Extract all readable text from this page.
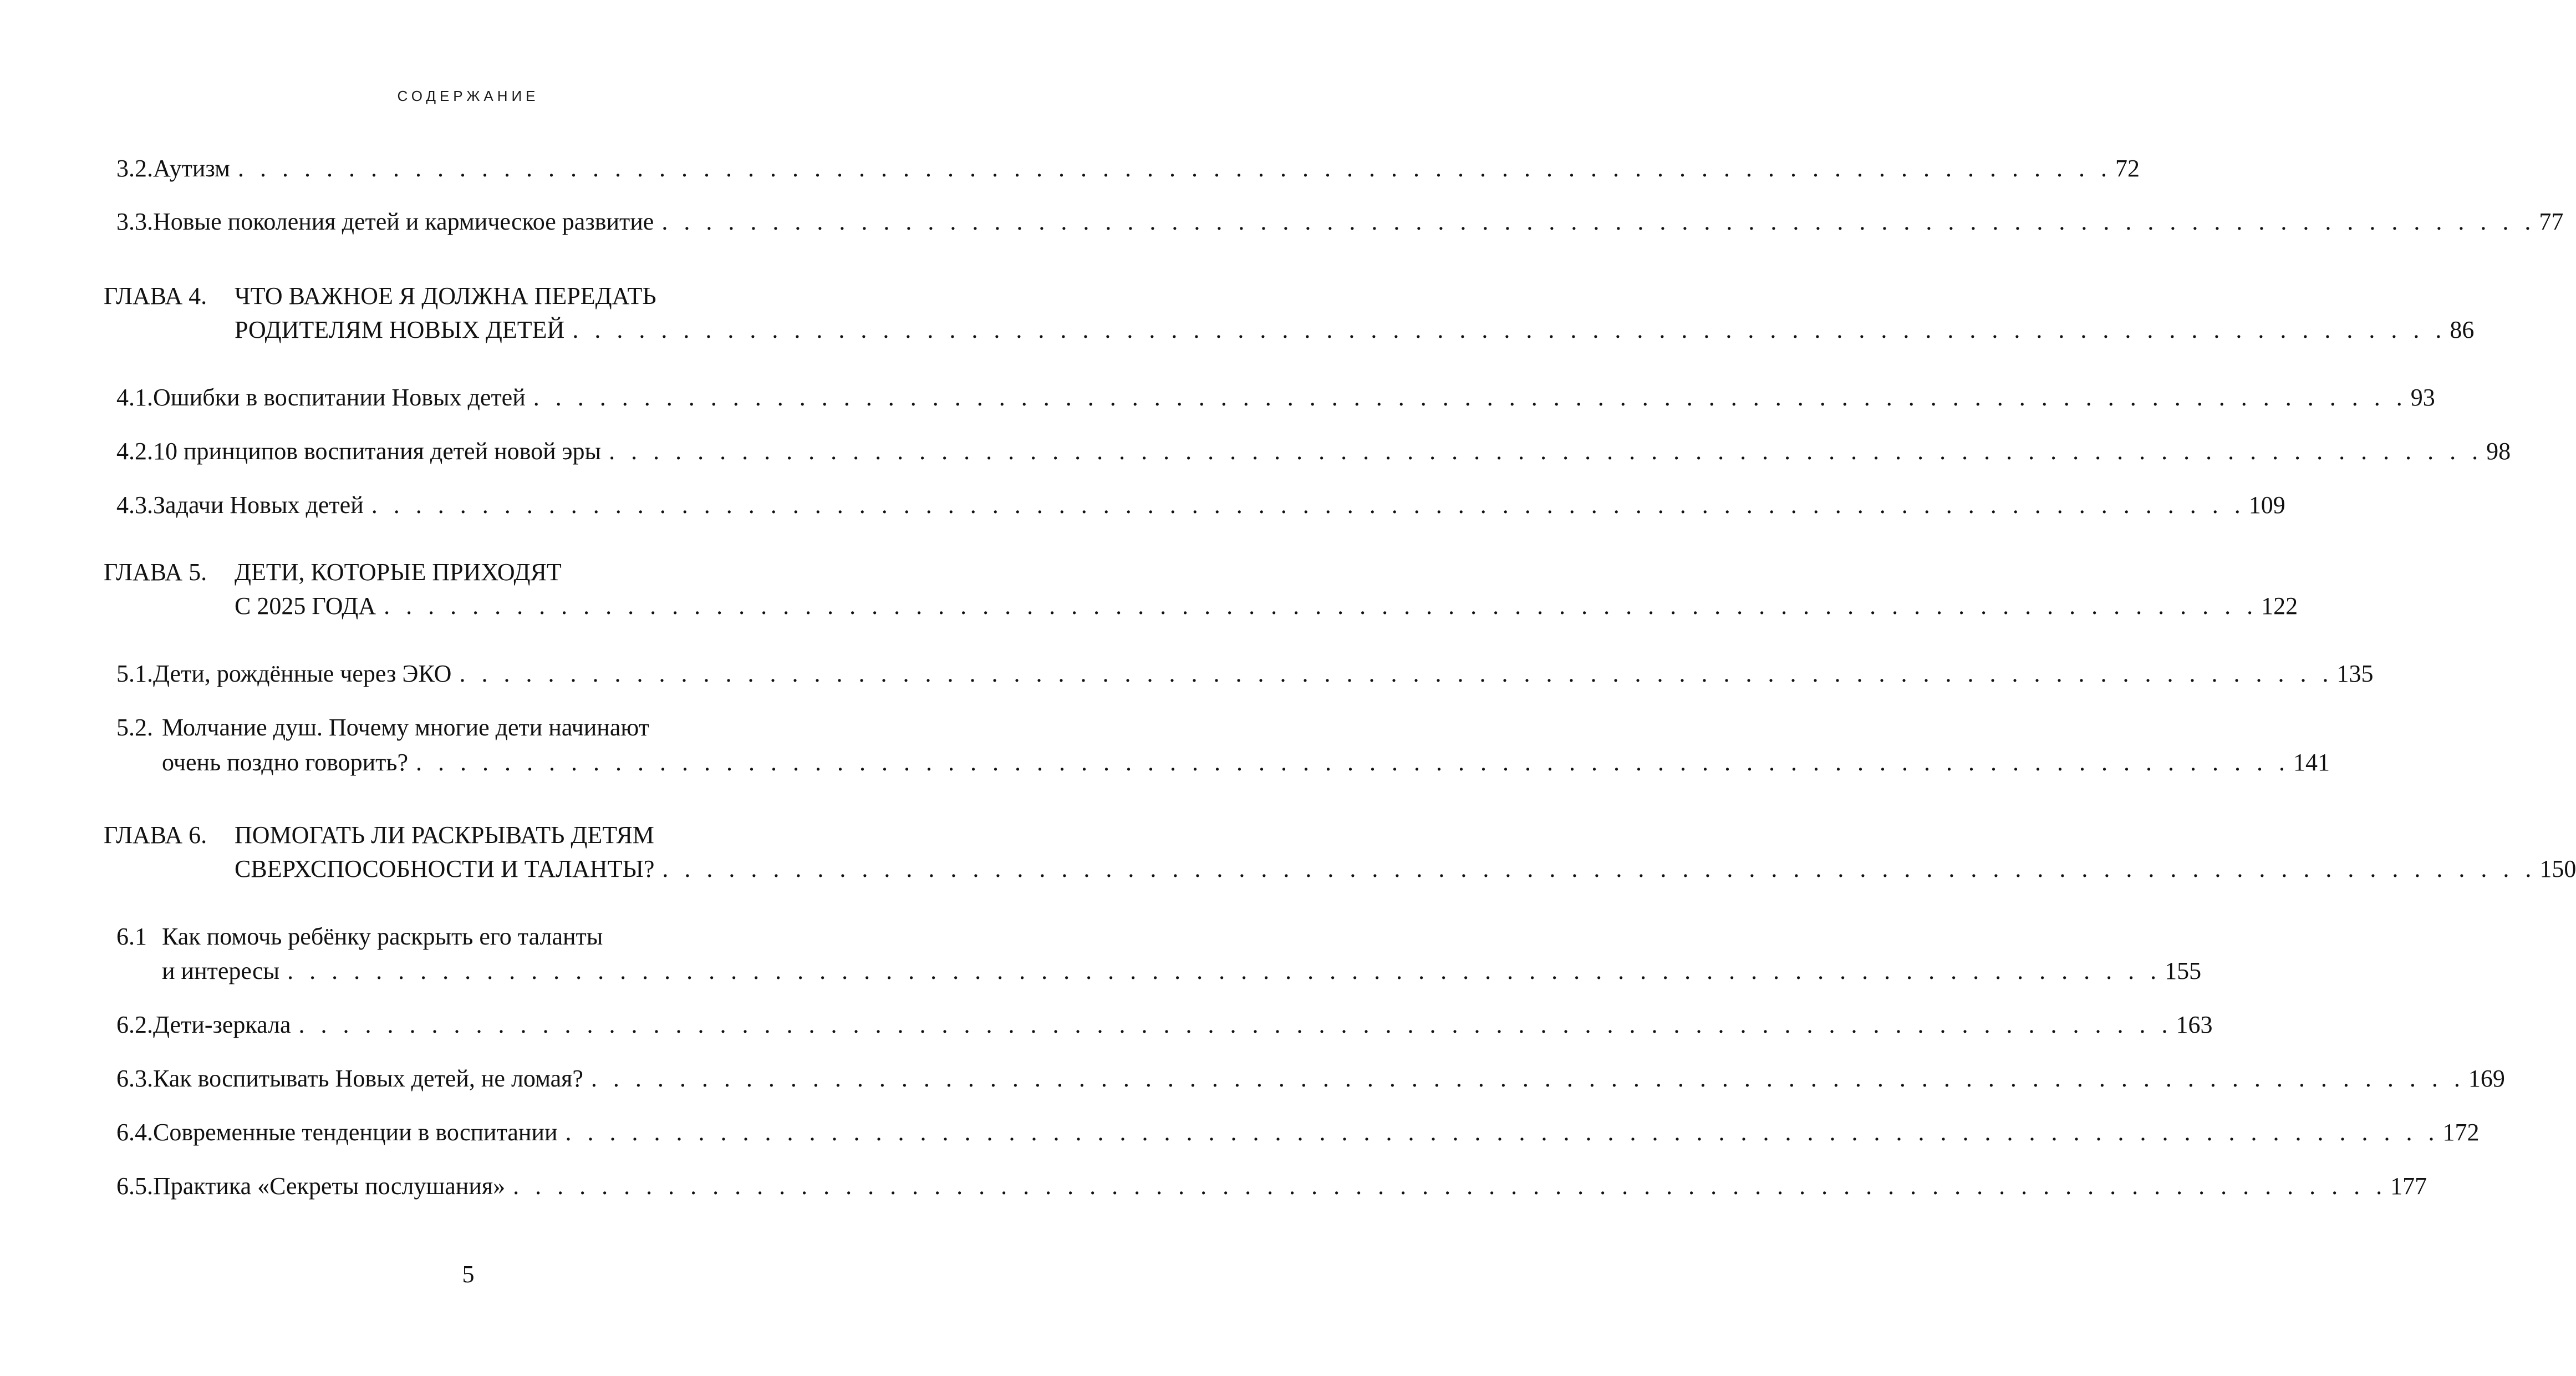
СОДЕРЖАНИЕ
3.2. Аутизм . . . . . . . . . . . . . . . . . . . . . . . . . . . . . . . . . . . . . . . . . . . . . . . . . . . . . . . . . . . . . . . . . . . . . . . . . . . . . . . . . . . . . 72
3.3. Новые поколения детей и кармическое развитие . . . . . . . . . . . . . . . . . . . . . . . . . . . . . . . . . . . . . . . . . . . . . . . . . . . . . . . . . . . . . . . . . . . . . . . . . . . . . . . . . . . . . 77
ГЛАВА 4.	ЧТО ВАЖНОЕ Я ДОЛЖНА ПЕРЕДАТЬ
РОДИТЕЛЯМ НОВЫХ ДЕТЕЙ . . . . . . . . . . . . . . . . . . . . . . . . . . . . . . . . . . . . . . . . . . . . . . . . . . . . . . . . . . . . . . . . . . . . . . . . . . . . . . . . . . . . . 86
4.1. Ошибки в воспитании Новых детей . . . . . . . . . . . . . . . . . . . . . . . . . . . . . . . . . . . . . . . . . . . . . . . . . . . . . . . . . . . . . . . . . . . . . . . . . . . . . . . . . . . . . 93
4.2. 10 принципов воспитания детей новой эры . . . . . . . . . . . . . . . . . . . . . . . . . . . . . . . . . . . . . . . . . . . . . . . . . . . . . . . . . . . . . . . . . . . . . . . . . . . . . . . . . . . . . 98
4.3. Задачи Новых детей . . . . . . . . . . . . . . . . . . . . . . . . . . . . . . . . . . . . . . . . . . . . . . . . . . . . . . . . . . . . . . . . . . . . . . . . . . . . . . . . . . . . . 109
ГЛАВА 5.	ДЕТИ, КОТОРЫЕ ПРИХОДЯТ
С 2025 ГОДА . . . . . . . . . . . . . . . . . . . . . . . . . . . . . . . . . . . . . . . . . . . . . . . . . . . . . . . . . . . . . . . . . . . . . . . . . . . . . . . . . . . . . 122
5.1. Дети, рождённые через ЭКО . . . . . . . . . . . . . . . . . . . . . . . . . . . . . . . . . . . . . . . . . . . . . . . . . . . . . . . . . . . . . . . . . . . . . . . . . . . . . . . . . . . . . 135
5.2. Молчание душ. Почему многие дети начинают
очень поздно говорить? . . . . . . . . . . . . . . . . . . . . . . . . . . . . . . . . . . . . . . . . . . . . . . . . . . . . . . . . . . . . . . . . . . . . . . . . . . . . . . . . . . . . . 141
ГЛАВА 6.	ПОМОГАТЬ ЛИ РАСКРЫВАТЬ ДЕТЯМ
СВЕРХСПОСОБНОСТИ И ТАЛАНТЫ? . . . . . . . . . . . . . . . . . . . . . . . . . . . . . . . . . . . . . . . . . . . . . . . . . . . . . . . . . . . . . . . . . . . . . . . . . . . . . . . . . . . . . 150
6.1 Как помочь ребёнку раскрыть его таланты
и интересы . . . . . . . . . . . . . . . . . . . . . . . . . . . . . . . . . . . . . . . . . . . . . . . . . . . . . . . . . . . . . . . . . . . . . . . . . . . . . . . . . . . . . 155
6.2. Дети-зеркала . . . . . . . . . . . . . . . . . . . . . . . . . . . . . . . . . . . . . . . . . . . . . . . . . . . . . . . . . . . . . . . . . . . . . . . . . . . . . . . . . . . . . 163
6.3. Как воспитывать Новых детей, не ломая? . . . . . . . . . . . . . . . . . . . . . . . . . . . . . . . . . . . . . . . . . . . . . . . . . . . . . . . . . . . . . . . . . . . . . . . . . . . . . . . . . . . . . 169
6.4. Современные тенденции в воспитании . . . . . . . . . . . . . . . . . . . . . . . . . . . . . . . . . . . . . . . . . . . . . . . . . . . . . . . . . . . . . . . . . . . . . . . . . . . . . . . . . . . . . 172
6.5. Практика «Секреты послушания» . . . . . . . . . . . . . . . . . . . . . . . . . . . . . . . . . . . . . . . . . . . . . . . . . . . . . . . . . . . . . . . . . . . . . . . . . . . . . . . . . . . . . 177
5
